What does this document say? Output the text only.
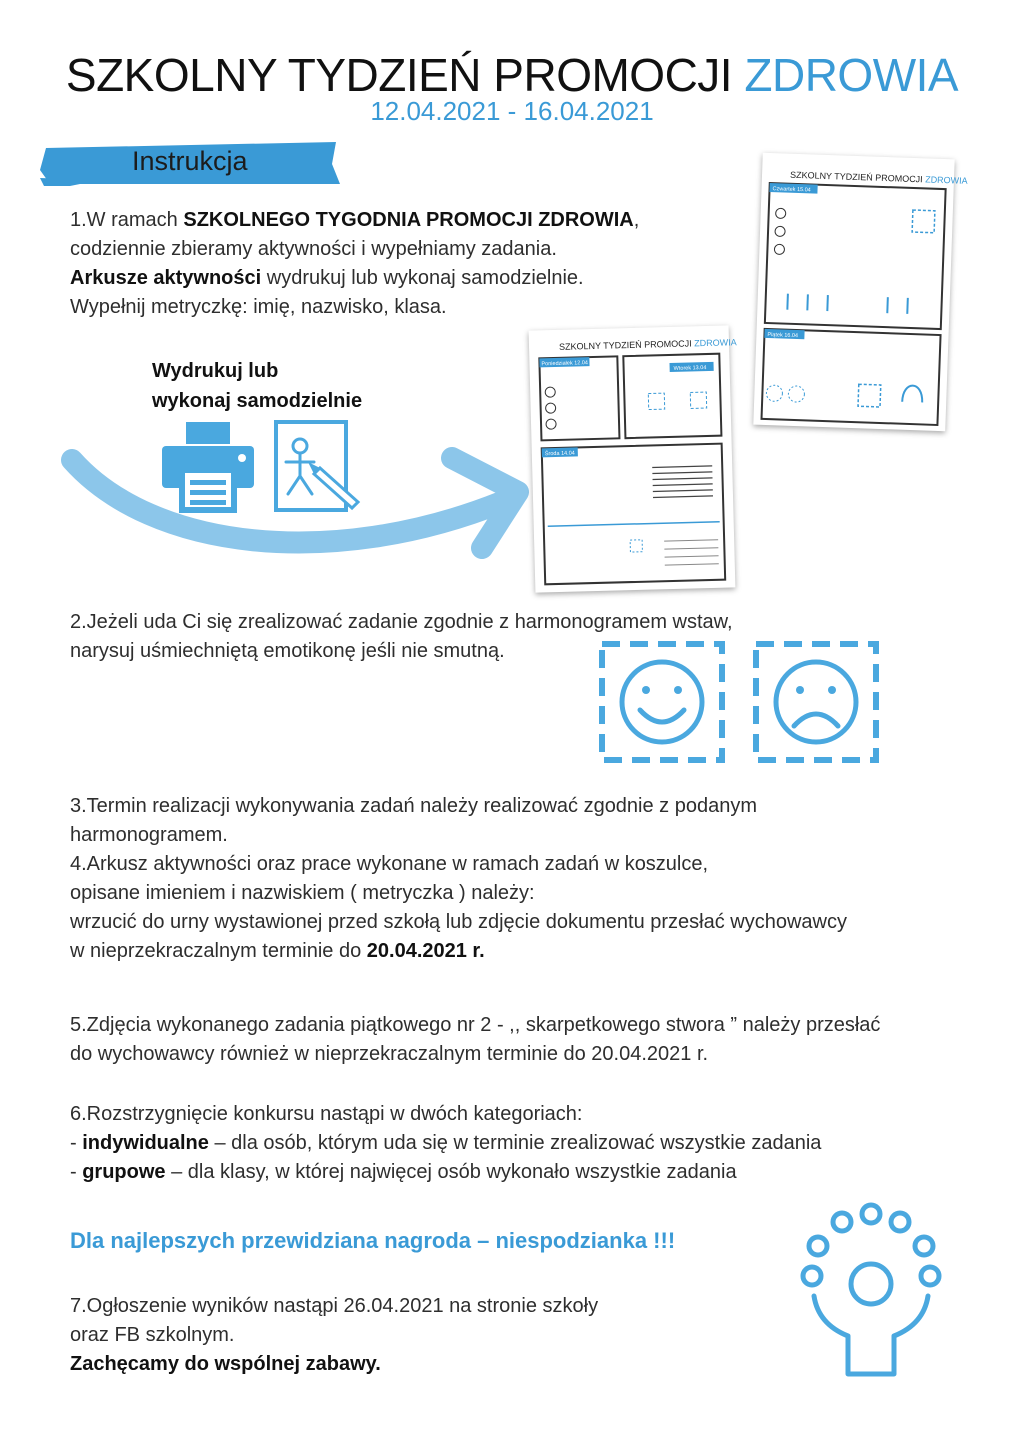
SZKOLNY TYDZIEŃ PROMOCJI ZDROWIA
12.04.2021 - 16.04.2021
Instrukcja
1.W ramach SZKOLNEGO TYGODNIA PROMOCJI ZDROWIA,
codziennie zbieramy aktywności i wypełniamy zadania.
Arkusze aktywności wydrukuj lub wykonaj samodzielnie.
Wypełnij metryczkę: imię, nazwisko, klasa.
Wydrukuj lub
wykonaj samodzielnie
SZKOLNY TYDZIEŃ PROMOCJI ZDROWIA
Poniedziałek 12.04
Wtorek 13.04
Środa 14.04
SZKOLNY TYDZIEŃ PROMOCJI ZDROWIA
Czwartek 15.04
Piątek 16.04
2.Jeżeli uda Ci się zrealizować zadanie zgodnie z harmonogramem wstaw,
narysuj uśmiechniętą emotikonę jeśli nie smutną.
3.Termin realizacji wykonywania zadań należy realizować zgodnie z podanym
harmonogramem.
4.Arkusz aktywności oraz prace wykonane w ramach zadań w koszulce,
opisane imieniem i nazwiskiem ( metryczka ) należy:
wrzucić do urny wystawionej przed szkołą lub zdjęcie dokumentu przesłać wychowawcy
w nieprzekraczalnym terminie do 20.04.2021 r.
5.Zdjęcia wykonanego zadania piątkowego nr 2 - ,, skarpetkowego stwora ” należy przesłać
do wychowawcy również w nieprzekraczalnym terminie do 20.04.2021 r.
6.Rozstrzygnięcie konkursu nastąpi w dwóch kategoriach:
- indywidualne – dla osób, którym uda się w terminie zrealizować wszystkie zadania
- grupowe – dla klasy, w której najwięcej osób wykonało wszystkie zadania
Dla najlepszych przewidziana nagroda – niespodzianka !!!
7.Ogłoszenie wyników nastąpi 26.04.2021 na stronie szkoły
oraz FB szkolnym.
Zachęcamy do wspólnej zabawy.
